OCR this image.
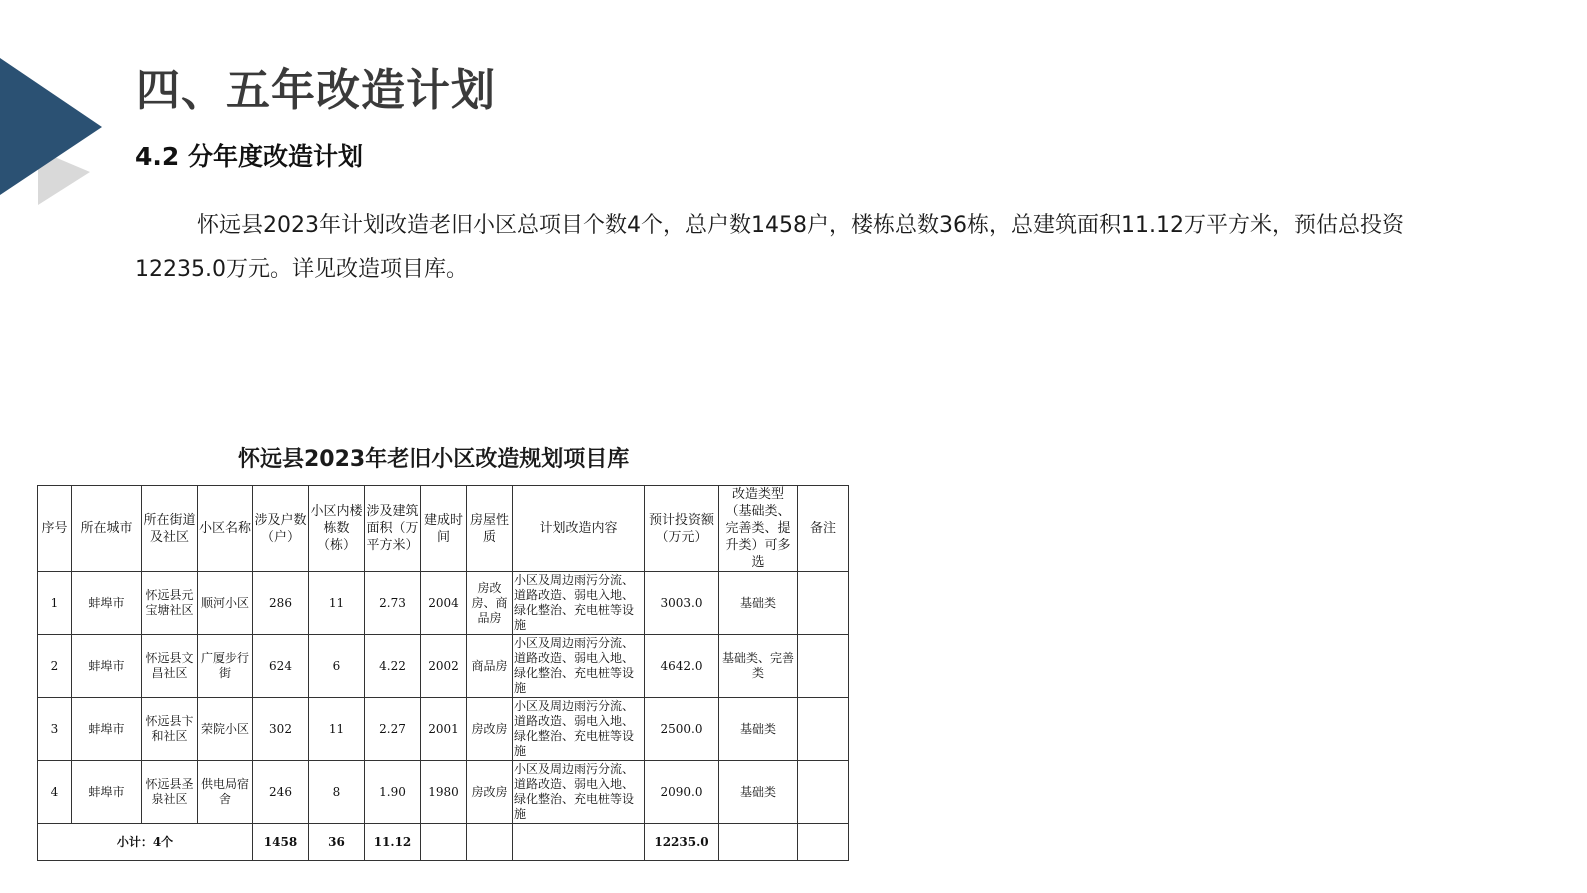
四、五年改造计划
4.2 分年度改造计划
怀远县2023年计划改造老旧小区总项目个数4个，总户数1458户，楼栋总数36栋，总建筑面积11.12万平方米，预估总投资12235.0万元。详见改造项目库。
怀远县2023年老旧小区改造规划项目库
序号	所在城市	所在街道及社区	小区名称	涉及户数（户）	小区内楼栋数（栋）	涉及建筑面积（万平方米）	建成时间	房屋性质	计划改造内容	预计投资额（万元）	改造类型（基础类、完善类、提升类）可多选	备注
1	蚌埠市	怀远县元宝塘社区	顺河小区	286	11	2.73	2004	房改房、商品房	小区及周边雨污分流、道路改造、弱电入地、绿化整治、充电桩等设施	3003.0	基础类	
2	蚌埠市	怀远县文昌社区	广厦步行街	624	6	4.22	2002	商品房	小区及周边雨污分流、道路改造、弱电入地、绿化整治、充电桩等设施	4642.0	基础类、完善类	
3	蚌埠市	怀远县卞和社区	荣院小区	302	11	2.27	2001	房改房	小区及周边雨污分流、道路改造、弱电入地、绿化整治、充电桩等设施	2500.0	基础类	
4	蚌埠市	怀远县圣泉社区	供电局宿舍	246	8	1.90	1980	房改房	小区及周边雨污分流、道路改造、弱电入地、绿化整治、充电桩等设施	2090.0	基础类	
小计：4个				1458	36	11.12				12235.0		
